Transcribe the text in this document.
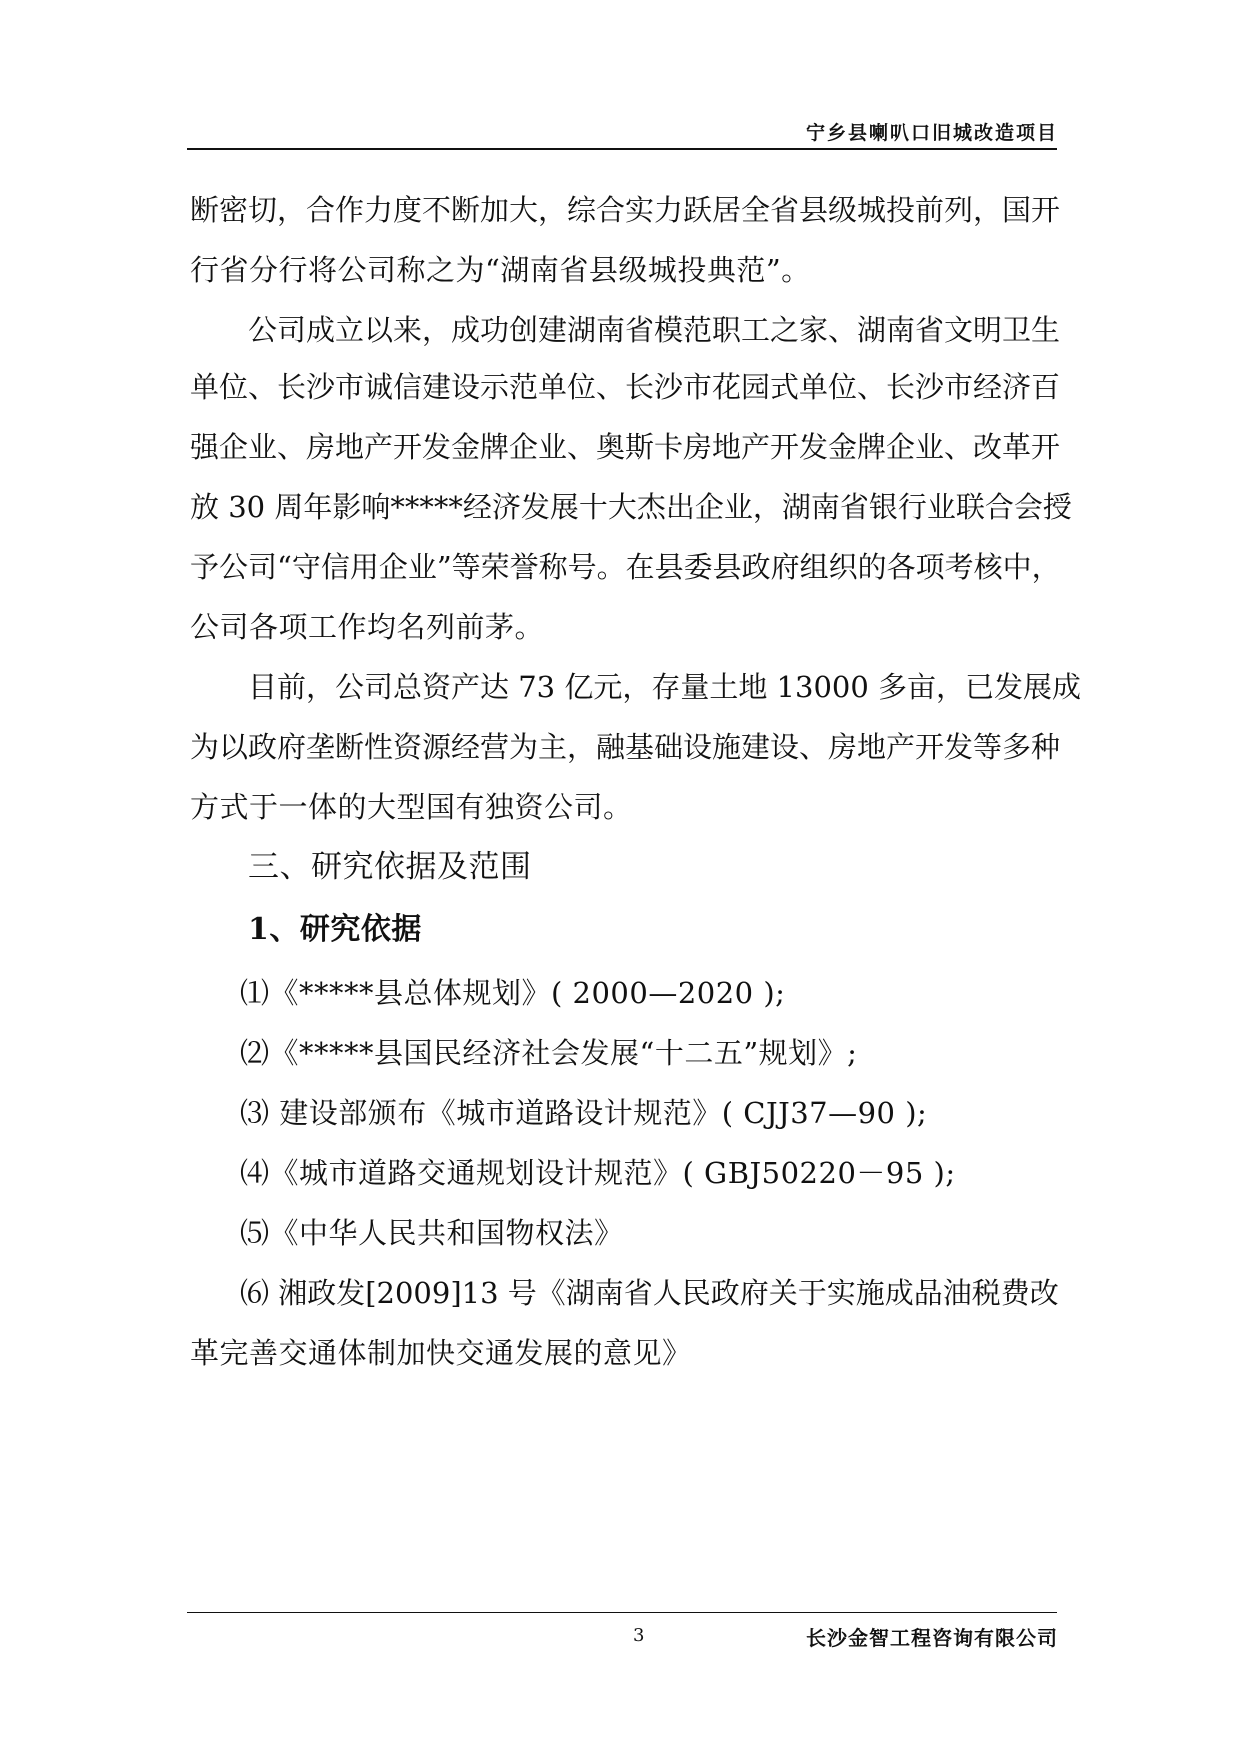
宁乡县喇叭口旧城改造项目
断密切，合作力度不断加大，综合实力跃居全省县级城投前列，国开
行省分行将公司称之为“湖南省县级城投典范”。
公司成立以来，成功创建湖南省模范职工之家、湖南省文明卫生
单位、长沙市诚信建设示范单位、长沙市花园式单位、长沙市经济百
强企业、房地产开发金牌企业、奥斯卡房地产开发金牌企业、改革开
放 30 周年影响*****经济发展十大杰出企业，湖南省银行业联合会授
予公司“守信用企业”等荣誉称号。在县委县政府组织的各项考核中，
公司各项工作均名列前茅。
目前，公司总资产达 73 亿元，存量土地 13000 多亩，已发展成
为以政府垄断性资源经营为主，融基础设施建设、房地产开发等多种
方式于一体的大型国有独资公司。
三、研究依据及范围
1、研究依据
⑴《*****县总体规划》( 2000—2020 );
⑵《*****县国民经济社会发展“十二五”规划》;
⑶ 建设部颁布《城市道路设计规范》( CJJ37—90 );
⑷《城市道路交通规划设计规范》( GBJ50220－95 );
⑸《中华人民共和国物权法》
⑹ 湘政发[2009]13 号《湖南省人民政府关于实施成品油税费改
革完善交通体制加快交通发展的意见》
3	长沙金智工程咨询有限公司
